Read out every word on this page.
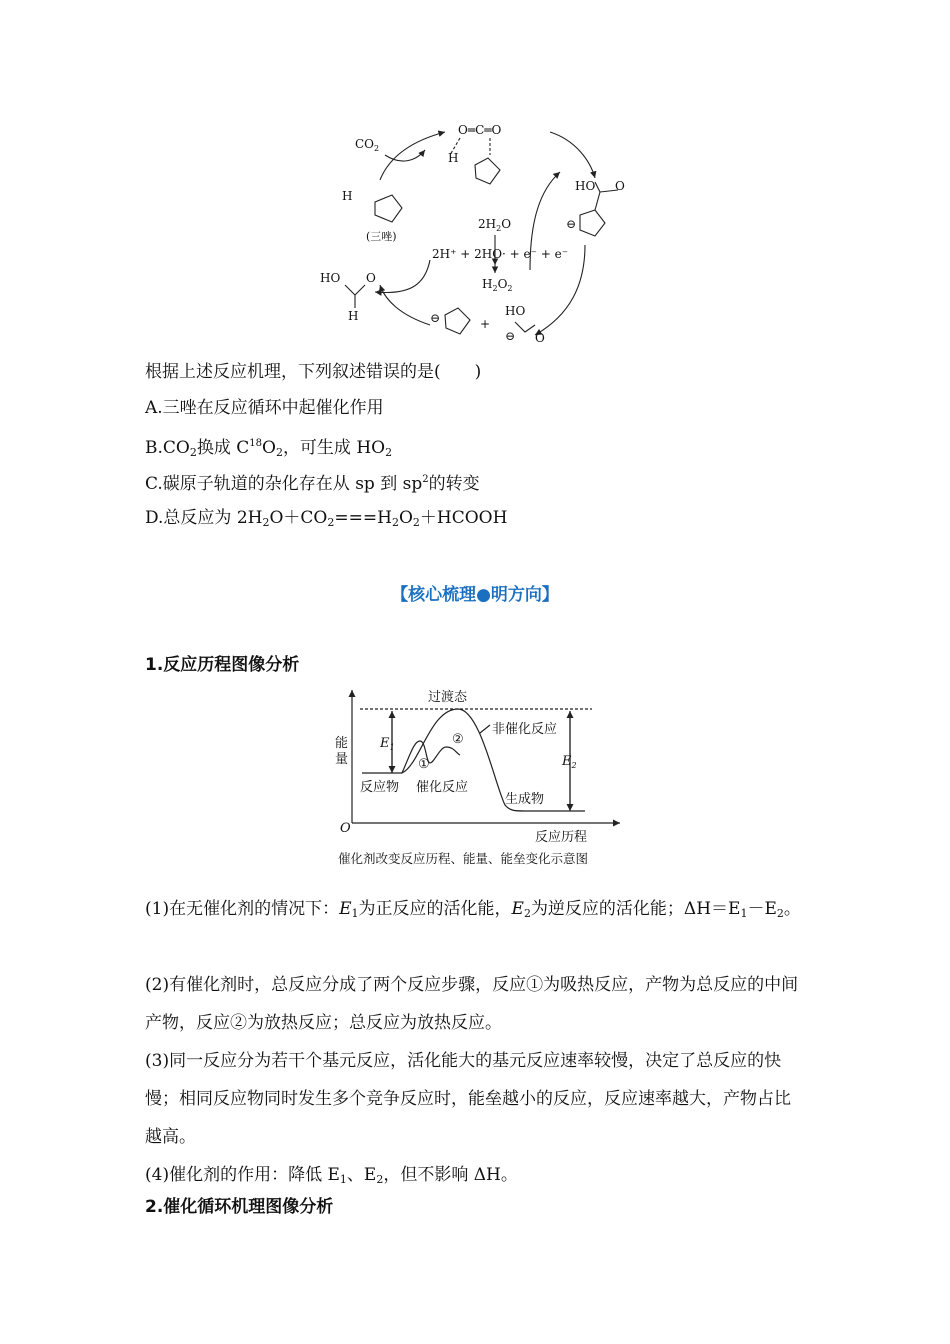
$CO_2$
O═C═O
H
H
(三唑)
HO O
⊖
$2H_2O$
2H⁺ + 2HO· + e⁻ + e⁻
$H_2O_2$
HO O
H	⊖	+
HO
⊖ O
根据上述反应机理，下列叙述错误的是(　　)
A.三唑在反应循环中起催化作用
$B.CO_2$换成 $C^{18}O_2$，可生成 $HO_2$
C.碳原子轨道的杂化存在从 sp 到 $sp^2$的转变
D.总反应为 $2H_2O+CO_2===H_2O_2+HCOOH$
【核心梳理●明方向】
1.反应历程图像分析
过渡态
非催化反应
能
量
$E_1$
$E_2$
①
②
反应物 催化反应
生成物
O
反应历程
催化剂改变反应历程、能量、能垒变化示意图
(1)在无催化剂的情况下：$E_1$为正反应的活化能，$E_2$为逆反应的活化能；$\Delta H=E_1-E_2$。
(2)有催化剂时，总反应分成了两个反应步骤，反应①为吸热反应，产物为总反应的中间产物，反应②为放热反应；总反应为放热反应。
(3)同一反应分为若干个基元反应，活化能大的基元反应速率较慢，决定了总反应的快慢；相同反应物同时发生多个竞争反应时，能垒越小的反应，反应速率越大，产物占比越高。
(4)催化剂的作用：降低 $E_1$、$E_2$，但不影响 ΔH。
2.催化循环机理图像分析
